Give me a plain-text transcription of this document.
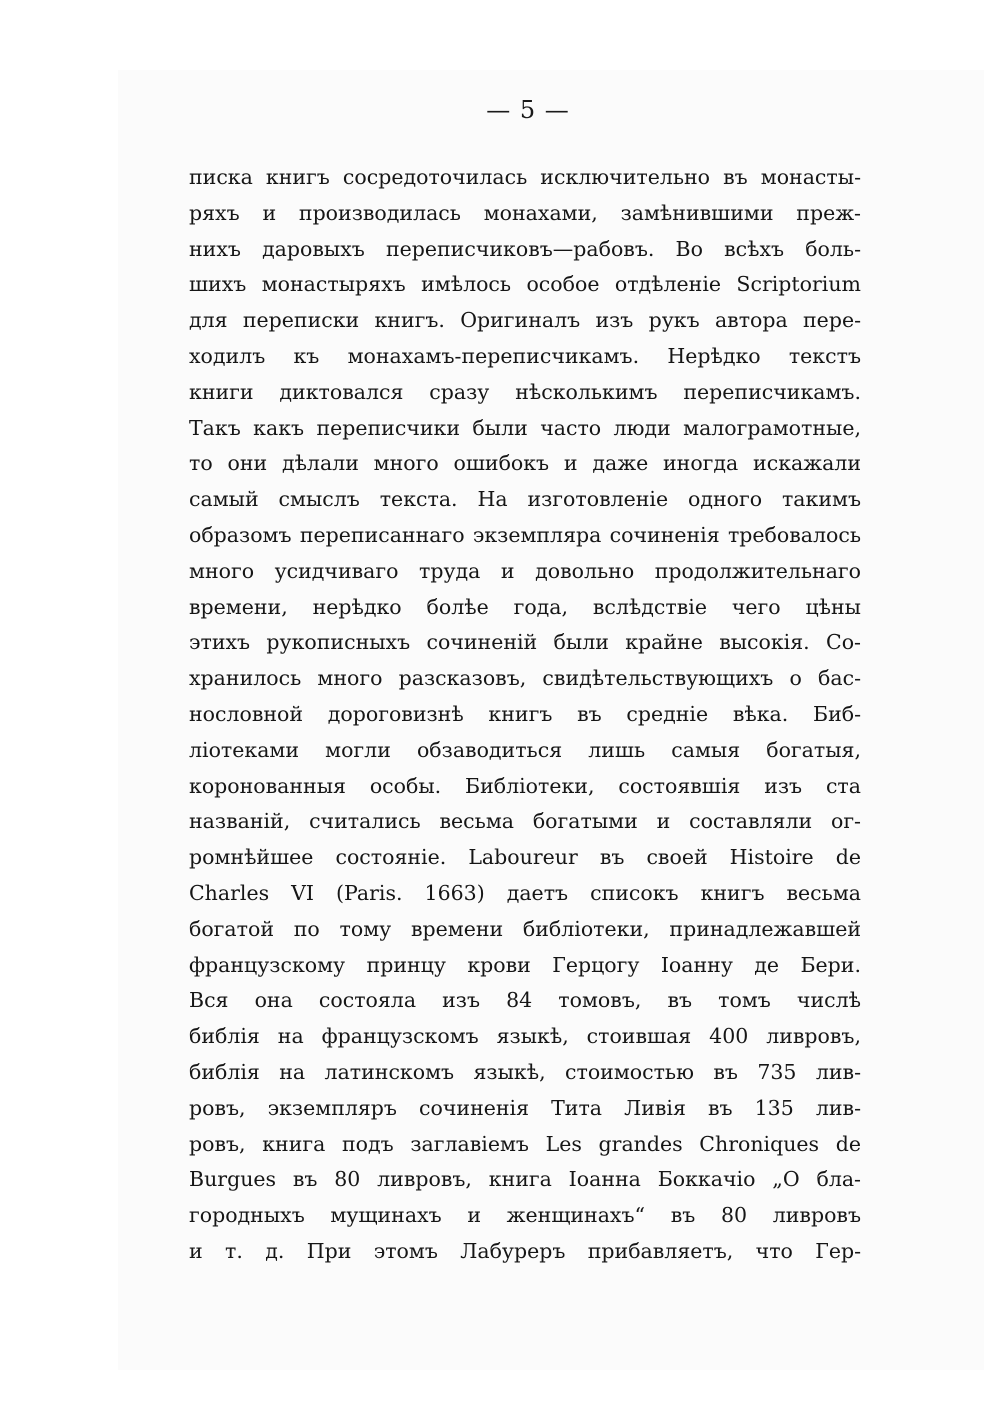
— 5 —
писка книгъ сосредоточилась исключительно въ монасты-
ряхъ и производилась монахами, замѣнившими преж-
нихъ даровыхъ переписчиковъ—рабовъ. Во всѣхъ боль-
шихъ монастыряхъ имѣлось особое отдѣленіе Scriptorium
для переписки книгъ. Оригиналъ изъ рукъ автора пере-
ходилъ къ монахамъ-переписчикамъ. Нерѣдко текстъ
книги диктовался сразу нѣсколькимъ переписчикамъ.
Такъ какъ переписчики были часто люди малограмотные,
то они дѣлали много ошибокъ и даже иногда искажали
самый смыслъ текста. На изготовленіе одного такимъ
образомъ переписаннаго экземпляра сочиненія требовалось
много усидчиваго труда и довольно продолжительнаго
времени, нерѣдко болѣе года, вслѣдствіе чего цѣны
этихъ рукописныхъ сочиненій были крайне высокія. Со-
хранилось много разсказовъ, свидѣтельствующихъ о бас-
нословной дороговизнѣ книгъ въ средніе вѣка. Биб-
ліотеками могли обзаводиться лишь самыя богатыя,
коронованныя особы. Библіотеки, состоявшія изъ ста
названій, считались весьма богатыми и составляли ог-
ромнѣйшее состояніе. Laboureur въ своей Histoire de
Charles VI (Paris. 1663) даетъ списокъ книгъ весьма
богатой по тому времени библіотеки, принадлежавшей
французскому принцу крови Герцогу Іоанну де Бери.
Вся она состояла изъ 84 томовъ, въ томъ числѣ
библія на французскомъ языкѣ, стоившая 400 ливровъ,
библія на латинскомъ языкѣ, стоимостью въ 735 лив-
ровъ, экземпляръ сочиненія Тита Ливія въ 135 лив-
ровъ, книга подъ заглавіемъ Les grandes Chroniques de
Burgues въ 80 ливровъ, книга Іоанна Боккачіо „О бла-
городныхъ мущинахъ и женщинахъ“ въ 80 ливровъ
и т. д. При этомъ Лабуреръ прибавляетъ, что Гер-
